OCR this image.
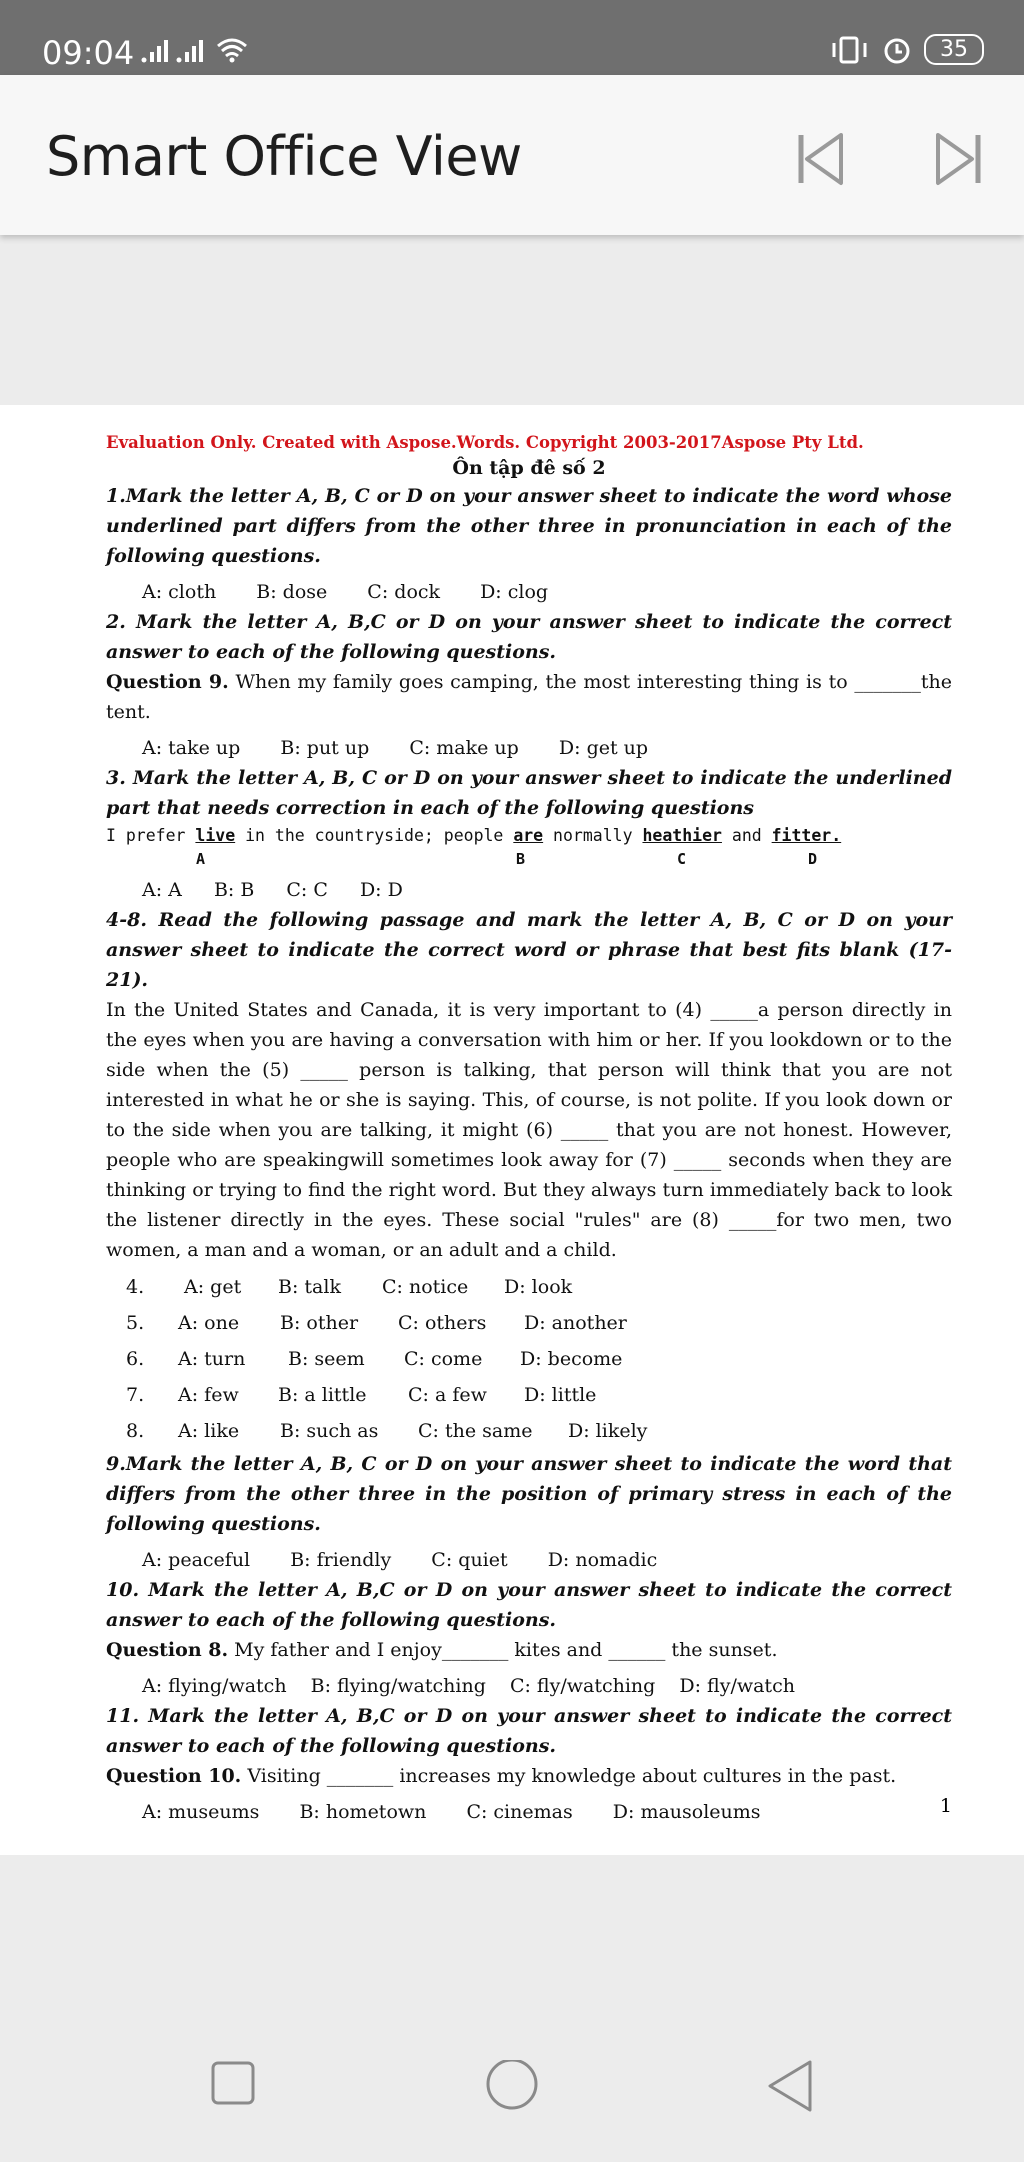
09:04	35
Smart Office View
Evaluation Only. Created with Aspose.Words. Copyright 2003-2017Aspose Pty Ltd.
Ôn tập đê số 2
1.Mark the letter A, B, C or D on your answer sheet to indicate the word whose underlined part differs from the other three in pronunciation in each of the following questions.
A: cloth B: dose C: dock D: clog
2. Mark the letter A, B,C or D on your answer sheet to indicate the correct answer to each of the following questions.
Question 9. When my family goes camping, the most interesting thing is to _______the tent.
A: take up B: put up C: make up D: get up
3. Mark the letter A, B, C or D on your answer sheet to indicate the underlined part that needs correction in each of the following questions
I prefer live in the countryside; people are normally heathier and fitter.
A	B	C	D
A: A B: B C: C D: D
4-8. Read the following passage and mark the letter A, B, C or D on your answer sheet to indicate the correct word or phrase that best fits blank (17-21).
In the United States and Canada, it is very important to (4) _____a person directly in the eyes when you are having a conversation with him or her. If you lookdown or to the side when the (5) _____ person is talking, that person will think that you are not interested in what he or she is saying. This, of course, is not polite. If you look down or to the side when you are talking, it might (6) _____ that you are not honest. However, people who are speakingwill sometimes look away for (7) _____ seconds when they are thinking or trying to find the right word. But they always turn immediately back to look the listener directly in the eyes. These social "rules" are (8) _____for two men, two women, a man and a woman, or an adult and a child.
4. A: get B: talk C: notice D: look
5. A: one B: other C: others D: another
6. A: turn B: seem C: come D: become
7. A: few B: a little C: a few D: little
8. A: like B: such as C: the same D: likely
9.Mark the letter A, B, C or D on your answer sheet to indicate the word that differs from the other three in the position of primary stress in each of the following questions.
A: peaceful B: friendly C: quiet D: nomadic
10. Mark the letter A, B,C or D on your answer sheet to indicate the correct answer to each of the following questions.
Question 8. My father and I enjoy_______ kites and ______ the sunset.
A: flying/watch B: flying/watching C: fly/watching D: fly/watch
11. Mark the letter A, B,C or D on your answer sheet to indicate the correct answer to each of the following questions.
Question 10. Visiting _______ increases my knowledge about cultures in the past.
A: museums B: hometown C: cinemas D: mausoleums	1
